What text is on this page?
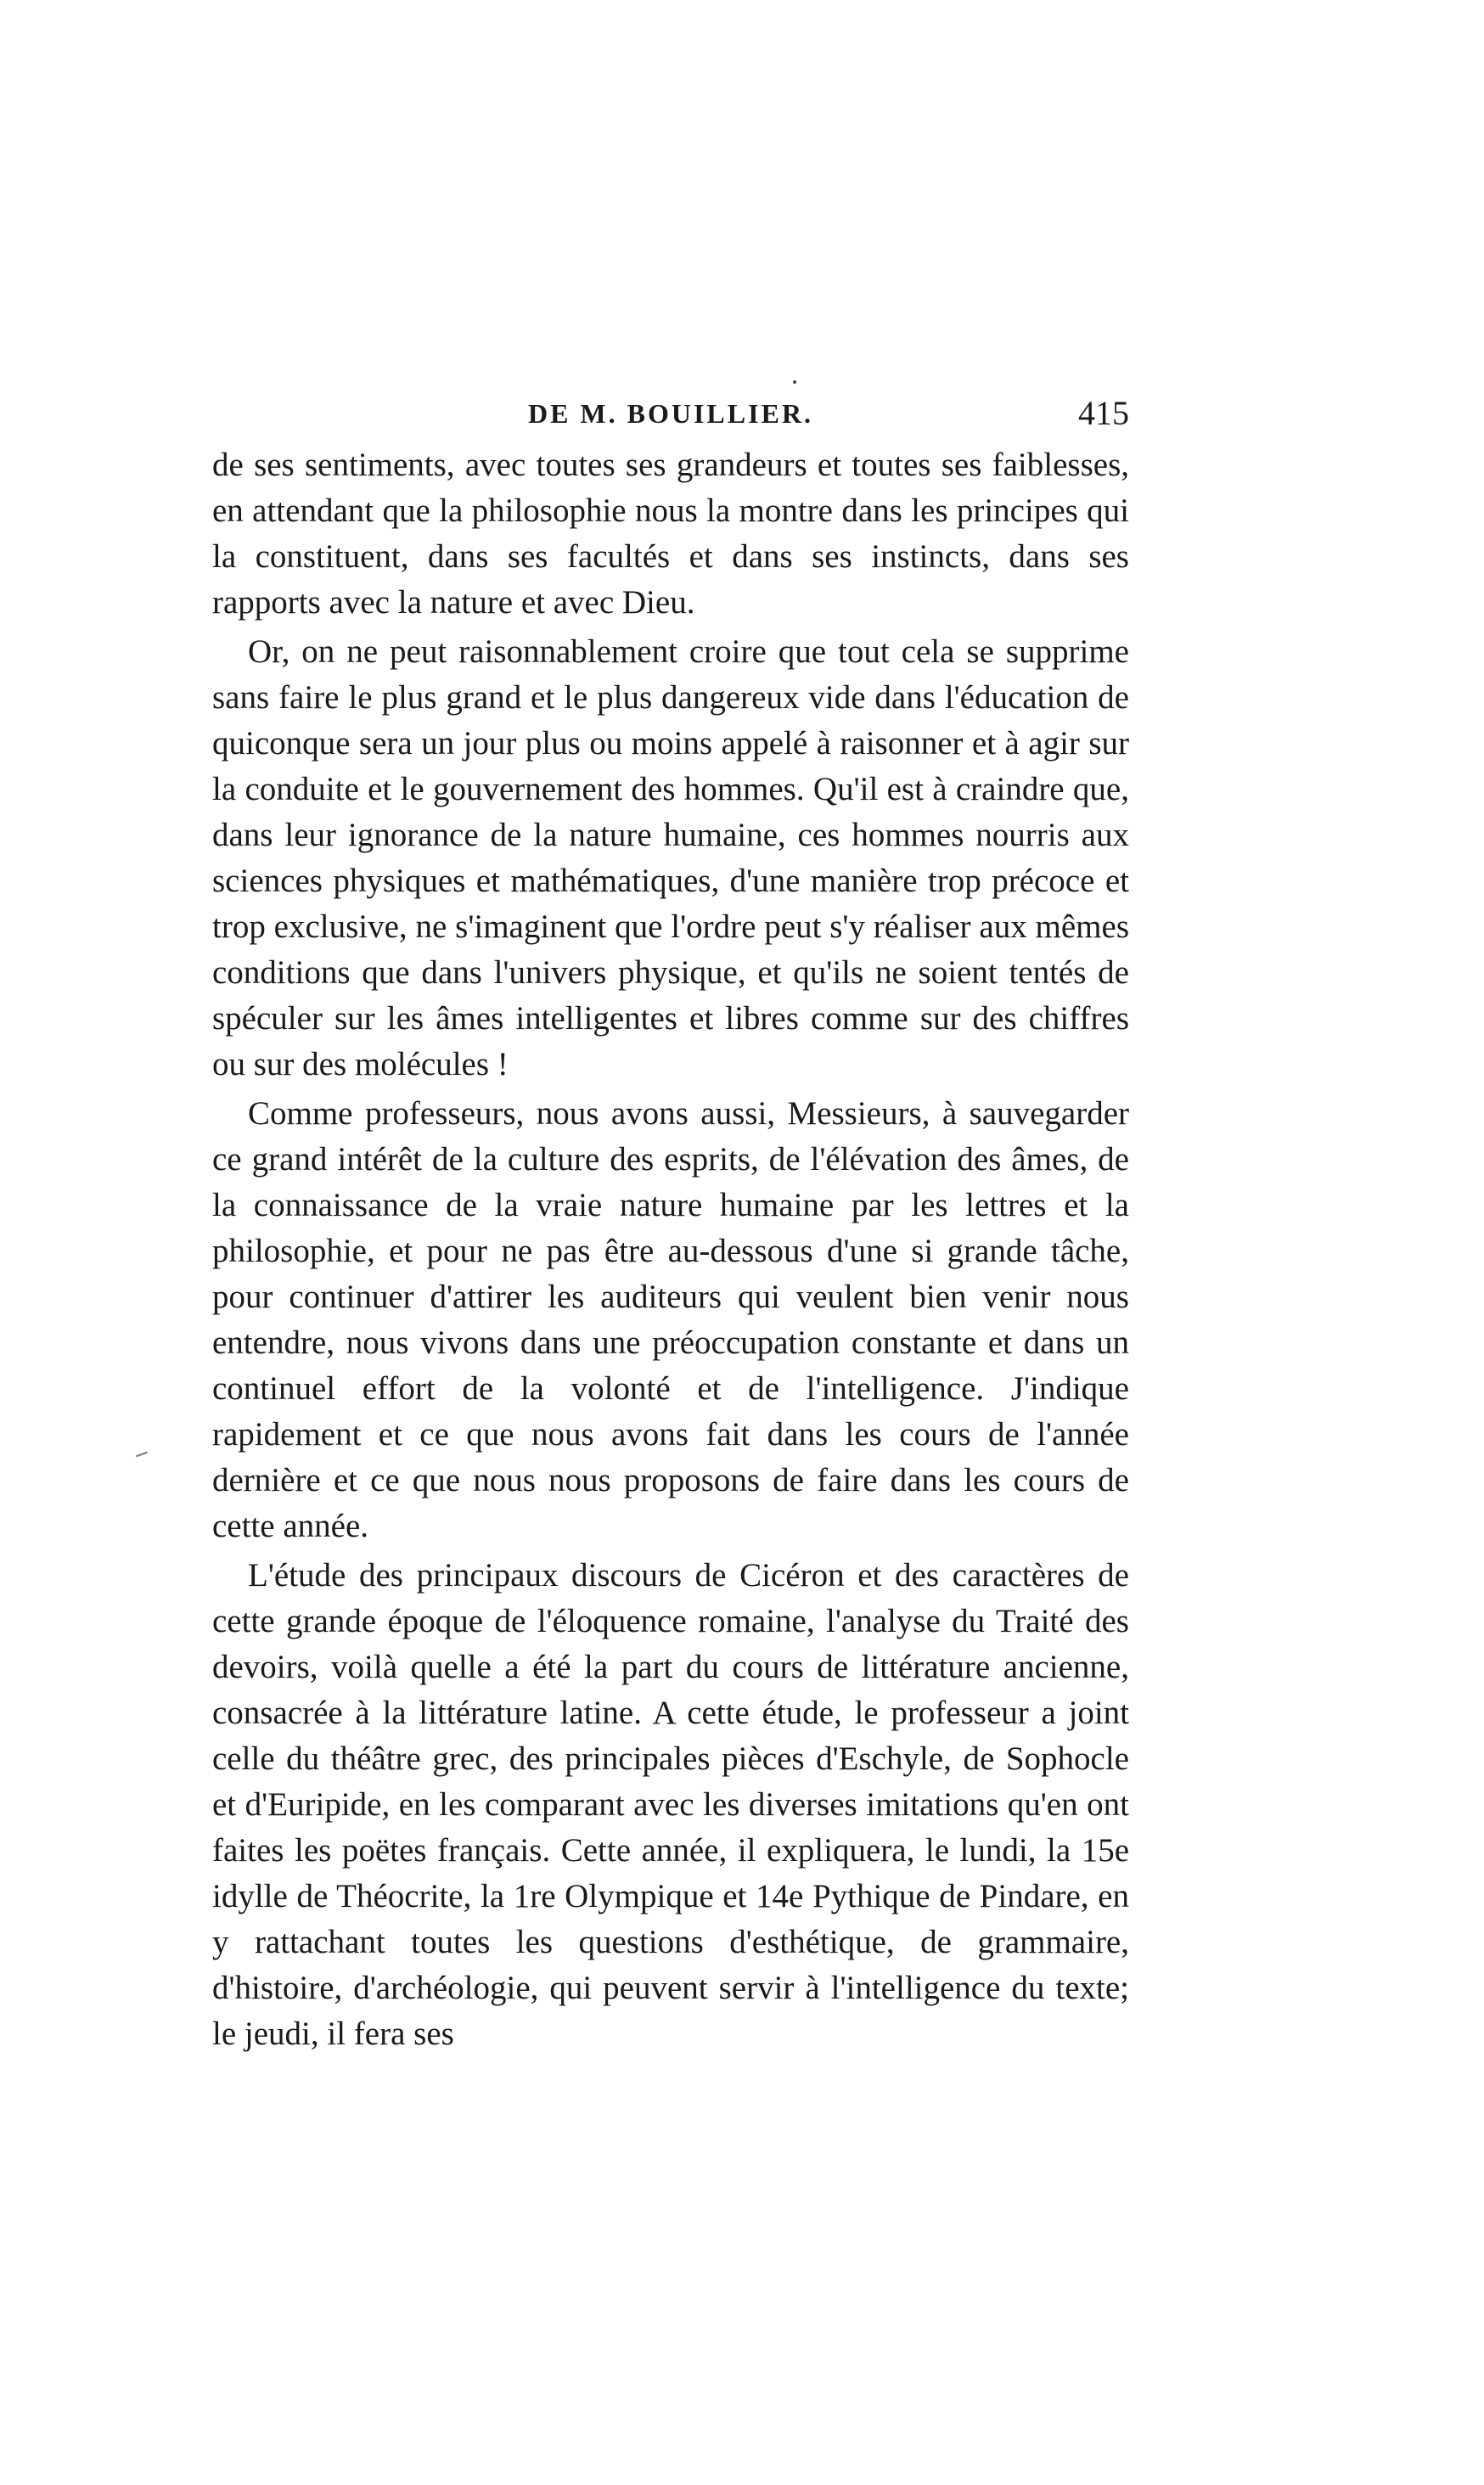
DE M. BOUILLIER.	415

de ses sentiments, avec toutes ses grandeurs et toutes ses faiblesses, en attendant que la philosophie nous la montre dans les principes qui la constituent, dans ses facultés et dans ses instincts, dans ses rapports avec la nature et avec Dieu.

Or, on ne peut raisonnablement croire que tout cela se supprime sans faire le plus grand et le plus dangereux vide dans l'éducation de quiconque sera un jour plus ou moins appelé à raisonner et à agir sur la conduite et le gouvernement des hommes. Qu'il est à craindre que, dans leur ignorance de la nature humaine, ces hommes nourris aux sciences physiques et mathématiques, d'une manière trop précoce et trop exclusive, ne s'imaginent que l'ordre peut s'y réaliser aux mêmes conditions que dans l'univers physique, et qu'ils ne soient tentés de spéculer sur les âmes intelligentes et libres comme sur des chiffres ou sur des molécules !

Comme professeurs, nous avons aussi, Messieurs, à sauvegarder ce grand intérêt de la culture des esprits, de l'élévation des âmes, de la connaissance de la vraie nature humaine par les lettres et la philosophie, et pour ne pas être au-dessous d'une si grande tâche, pour continuer d'attirer les auditeurs qui veulent bien venir nous entendre, nous vivons dans une préoccupation constante et dans un continuel effort de la volonté et de l'intelligence. J'indique rapidement et ce que nous avons fait dans les cours de l'année dernière et ce que nous nous proposons de faire dans les cours de cette année.

L'étude des principaux discours de Cicéron et des caractères de cette grande époque de l'éloquence romaine, l'analyse du Traité des devoirs, voilà quelle a été la part du cours de littérature ancienne, consacrée à la littérature latine. A cette étude, le professeur a joint celle du théâtre grec, des principales pièces d'Eschyle, de Sophocle et d'Euripide, en les comparant avec les diverses imitations qu'en ont faites les poëtes français. Cette année, il expliquera, le lundi, la 15e idylle de Théocrite, la 1re Olympique et 14e Pythique de Pindare, en y rattachant toutes les questions d'esthétique, de grammaire, d'histoire, d'archéologie, qui peuvent servir à l'intelligence du texte; le jeudi, il fera ses
